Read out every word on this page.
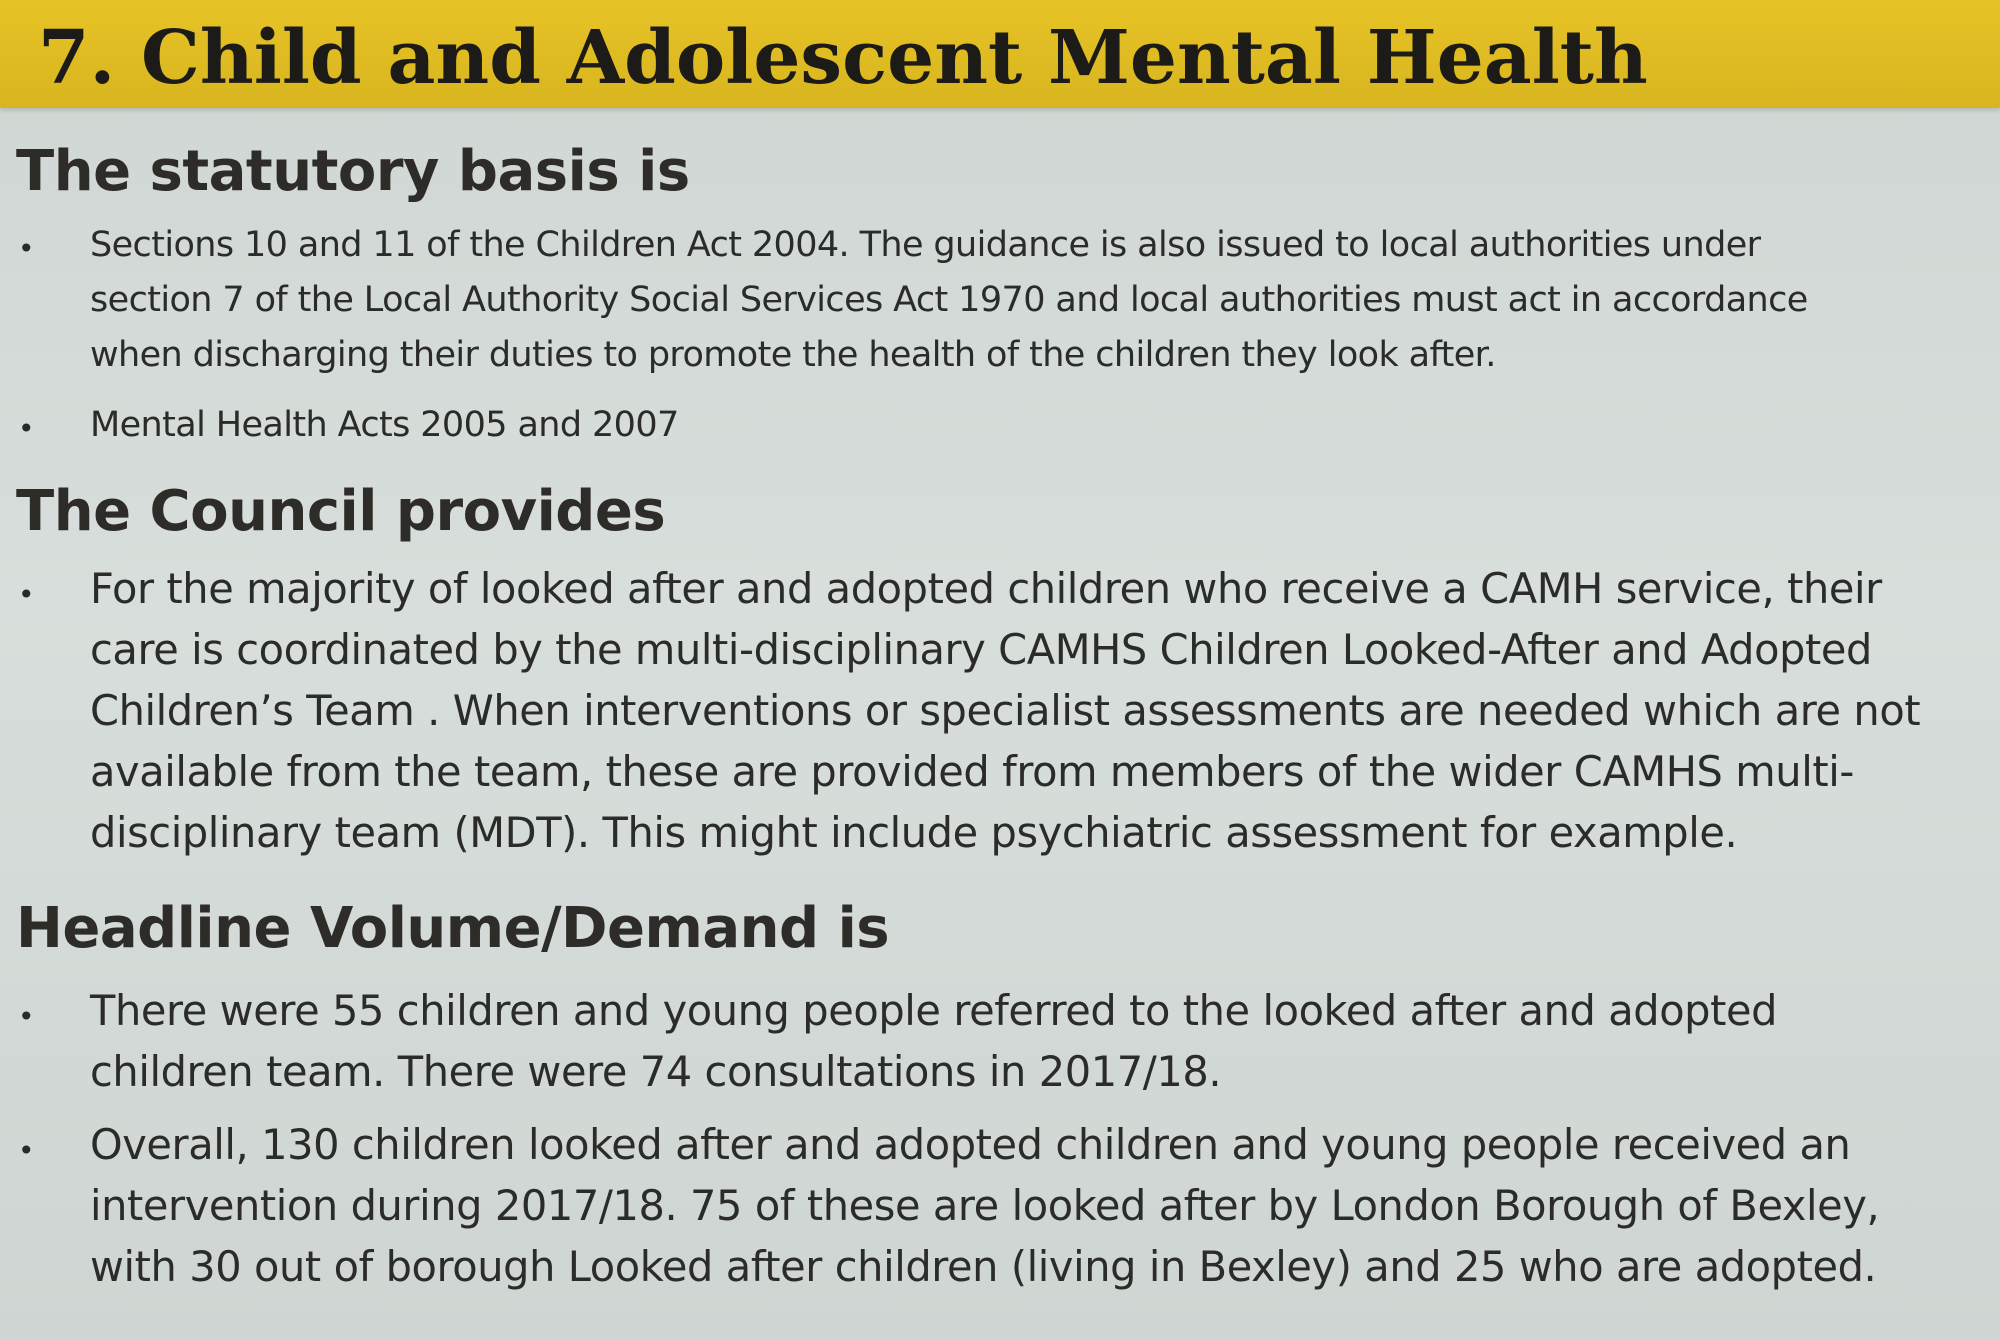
7. Child and Adolescent Mental Health
The statutory basis is
• Sections 10 and 11 of the Children Act 2004. The guidance is also issued to local authorities under
section 7 of the Local Authority Social Services Act 1970 and local authorities must act in accordance
when discharging their duties to promote the health of the children they look after.
• Mental Health Acts 2005 and 2007
The Council provides
• For the majority of looked after and adopted children who receive a CAMH service, their
care is coordinated by the multi-disciplinary CAMHS Children Looked-After and Adopted
Children’s Team . When interventions or specialist assessments are needed which are not
available from the team, these are provided from members of the wider CAMHS multi-
disciplinary team (MDT). This might include psychiatric assessment for example.
Headline Volume/Demand is
• There were 55 children and young people referred to the looked after and adopted
children team. There were 74 consultations in 2017/18.
• Overall, 130 children looked after and adopted children and young people received an
intervention during 2017/18. 75 of these are looked after by London Borough of Bexley,
with 30 out of borough Looked after children (living in Bexley) and 25 who are adopted.
